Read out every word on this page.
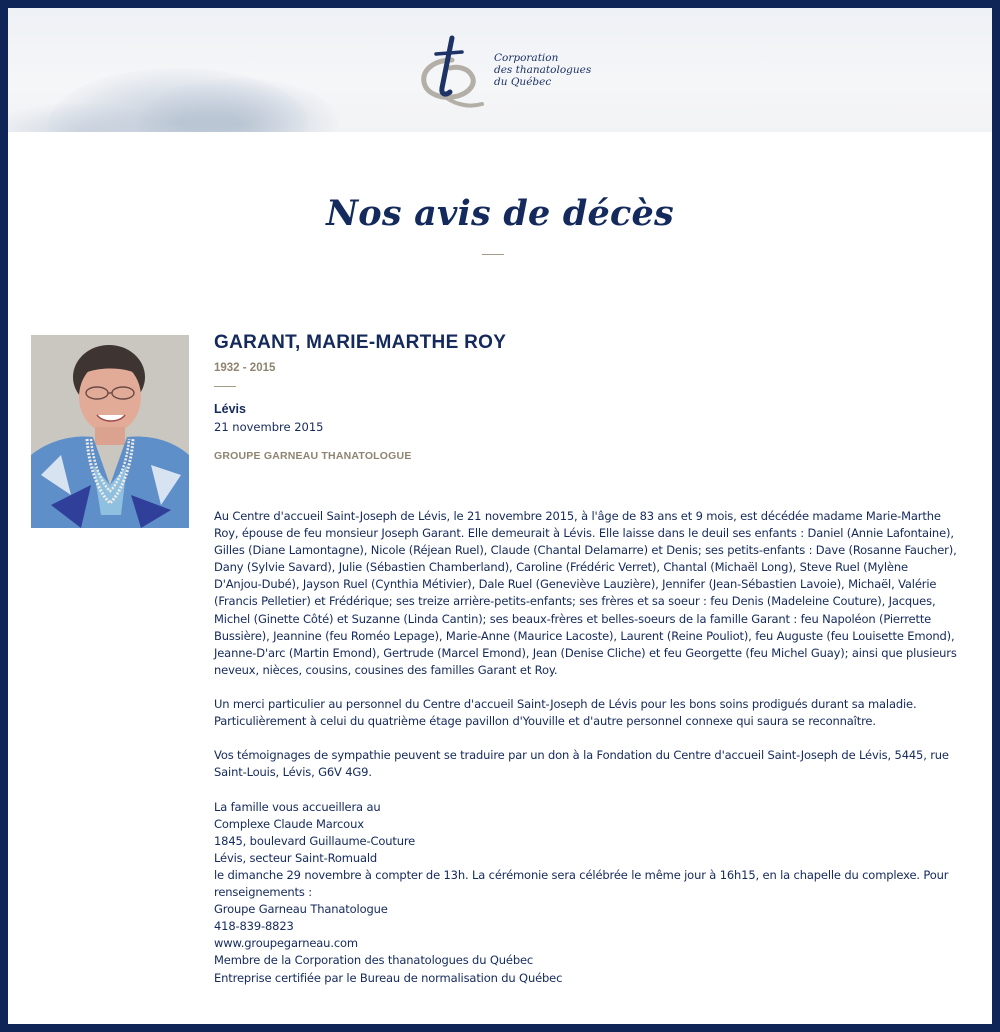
Corporation
des thanatologues
du Québec
Nos avis de décès
GARANT, MARIE-MARTHE ROY
1932 - 2015
Lévis
21 novembre 2015
GROUPE GARNEAU THANATOLOGUE

Au Centre d'accueil Saint-Joseph de Lévis, le 21 novembre 2015, à l'âge de 83 ans et 9 mois, est décédée madame Marie-Marthe Roy, épouse de feu monsieur Joseph Garant. Elle demeurait à Lévis. Elle laisse dans le deuil ses enfants : Daniel (Annie Lafontaine), Gilles (Diane Lamontagne), Nicole (Réjean Ruel), Claude (Chantal Delamarre) et Denis; ses petits-enfants : Dave (Rosanne Faucher), Dany (Sylvie Savard), Julie (Sébastien Chamberland), Caroline (Frédéric Verret), Chantal (Michaël Long), Steve Ruel (Mylène D'Anjou-Dubé), Jayson Ruel (Cynthia Métivier), Dale Ruel (Geneviève Lauzière), Jennifer (Jean-Sébastien Lavoie), Michaël, Valérie (Francis Pelletier) et Frédérique; ses treize arrière-petits-enfants; ses frères et sa soeur : feu Denis (Madeleine Couture), Jacques, Michel (Ginette Côté) et Suzanne (Linda Cantin); ses beaux-frères et belles-soeurs de la famille Garant : feu Napoléon (Pierrette Bussière), Jeannine (feu Roméo Lepage), Marie-Anne (Maurice Lacoste), Laurent (Reine Pouliot), feu Auguste (feu Louisette Emond), Jeanne-D'arc (Martin Emond), Gertrude (Marcel Emond), Jean (Denise Cliche) et feu Georgette (feu Michel Guay); ainsi que plusieurs neveux, nièces, cousins, cousines des familles Garant et Roy.

Un merci particulier au personnel du Centre d'accueil Saint-Joseph de Lévis pour les bons soins prodigués durant sa maladie. Particulièrement à celui du quatrième étage pavillon d'Youville et d'autre personnel connexe qui saura se reconnaître.

Vos témoignages de sympathie peuvent se traduire par un don à la Fondation du Centre d'accueil Saint-Joseph de Lévis, 5445, rue Saint-Louis, Lévis, G6V 4G9.

La famille vous accueillera au
Complexe Claude Marcoux
1845, boulevard Guillaume-Couture
Lévis, secteur Saint-Romuald
le dimanche 29 novembre à compter de 13h. La cérémonie sera célébrée le même jour à 16h15, en la chapelle du complexe. Pour renseignements :
Groupe Garneau Thanatologue
418-839-8823
www.groupegarneau.com
Membre de la Corporation des thanatologues du Québec
Entreprise certifiée par le Bureau de normalisation du Québec
